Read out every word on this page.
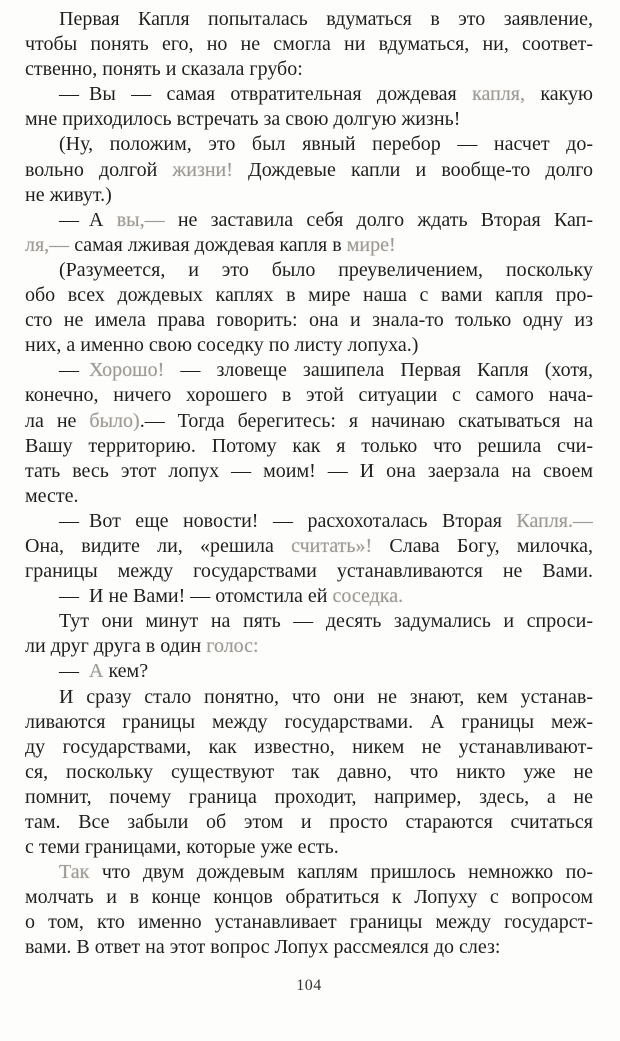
Первая Капля попыталась вдуматься в это заявление,
чтобы понять его, но не смогла ни вдуматься, ни, соответ-
ственно, понять и сказала грубо:
— Вы — самая отвратительная дождевая капля, какую
мне приходилось встречать за свою долгую жизнь!
(Ну, положим, это был явный перебор — насчет до-
вольно долгой жизни! Дождевые капли и вообще-то долго
не живут.)
— А вы,— не заставила себя долго ждать Вторая Кап-
ля,— самая лживая дождевая капля в мире!
(Разумеется, и это было преувеличением, поскольку
обо всех дождевых каплях в мире наша с вами капля про-
сто не имела права говорить: она и знала-то только одну из
них, а именно свою соседку по листу лопуха.)
— Хорошо! — зловеще зашипела Первая Капля (хотя,
конечно, ничего хорошего в этой ситуации с самого нача-
ла не было).— Тогда берегитесь: я начинаю скатываться на
Вашу территорию. Потому как я только что решила счи-
тать весь этот лопух — моим! — И она заерзала на своем
месте.
— Вот еще новости! — расхохоталась Вторая Капля.—
Она, видите ли, «решила считать»! Слава Богу, милочка,
границы между государствами устанавливаются не Вами.
— И не Вами! — отомстила ей соседка.
Тут они минут на пять — десять задумались и спроси-
ли друг друга в один голос:
— А кем?
И сразу стало понятно, что они не знают, кем устанав-
ливаются границы между государствами. А границы меж-
ду государствами, как известно, никем не устанавливают-
ся, поскольку существуют так давно, что никто уже не
помнит, почему граница проходит, например, здесь, а не
там. Все забыли об этом и просто стараются считаться
с теми границами, которые уже есть.
Так что двум дождевым каплям пришлось немножко по-
молчать и в конце концов обратиться к Лопуху с вопросом
о том, кто именно устанавливает границы между государст-
вами. В ответ на этот вопрос Лопух рассмеялся до слез:
104
